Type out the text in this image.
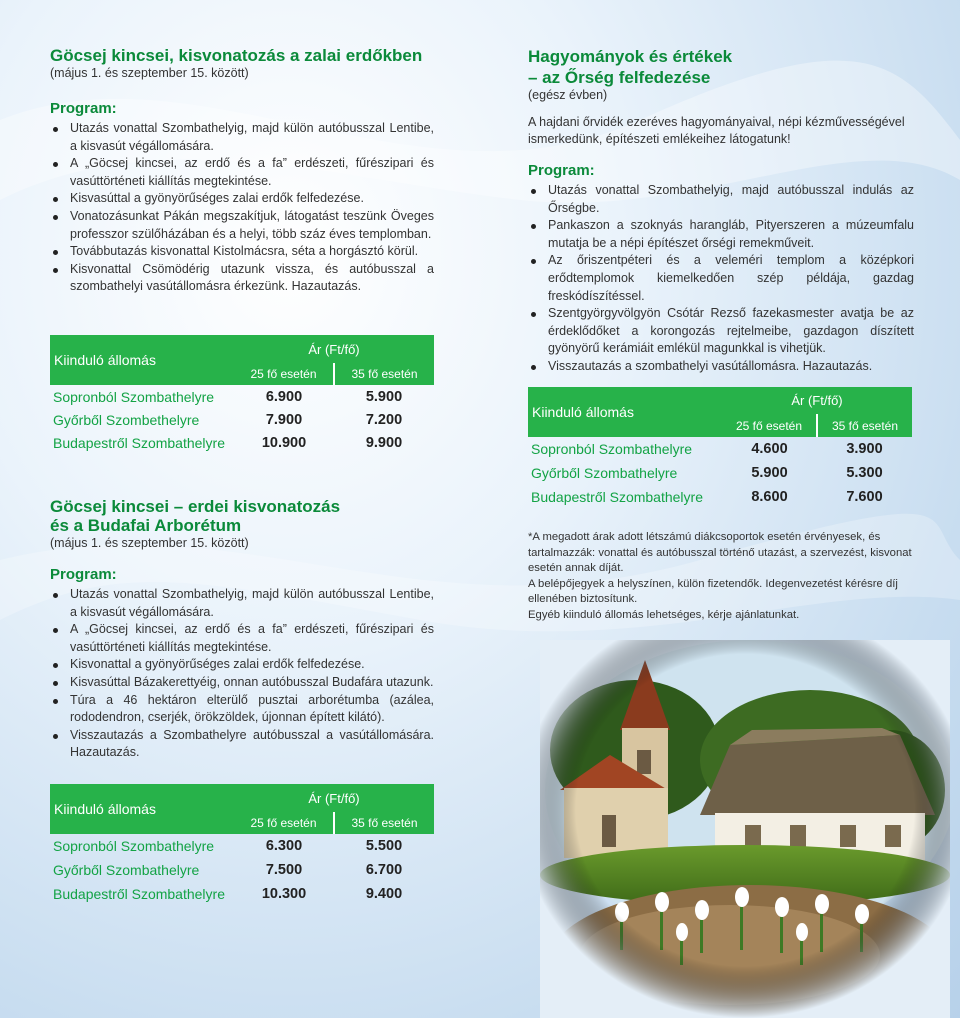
Göcsej kincsei, kisvonatozás a zalai erdőkben
(május 1. és szeptember 15. között)
Program:
Utazás vonattal Szombathelyig, majd külön autóbusszal Lentibe, a kisvasút végállomására.
A „Göcsej kincsei, az erdő és a fa” erdészeti, fűrészipari és vasúttörténeti kiállítás megtekintése.
Kisvasúttal a gyönyörűséges zalai erdők felfedezése.
Vonatozásunkat Pákán megszakítjuk, látogatást teszünk Öveges professzor szülőházában és a helyi, több száz éves templomban.
Továbbutazás kisvonattal Kistolmácsra, séta a horgásztó körül.
Kisvonattal Csömödérig utazunk vissza, és autóbusszal a szombathelyi vasútállomásra érkezünk. Hazautazás.
Kiinduló állomás	Ár (Ft/fő)	
	25 fő esetén	35 fő esetén
Sopronból Szombathelyre	6.900	5.900
Győrből Szombethelyre	7.900	7.200
Budapestről Szombathelyre	10.900	9.900
Göcsej kincsei – erdei kisvonatozás
és a Budafai Arborétum
(május 1. és szeptember 15. között)
Program:
Utazás vonattal Szombathelyig, majd külön autóbusszal Lentibe, a kisvasút végállomására.
A „Göcsej kincsei, az erdő és a fa” erdészeti, fűrészipari és vasúttörténeti kiállítás megtekintése.
Kisvonattal a gyönyörűséges zalai erdők felfedezése.
Kisvasúttal Bázakerettyéig, onnan autóbusszal Budafára utazunk.
Túra a 46 hektáron elterülő pusztai arborétumba (azálea, rododendron, cserjék, örökzöldek, újonnan épített kilátó).
Visszautazás a Szombathelyre autóbusszal a vasútállomására. Hazautazás.
Kiinduló állomás	Ár (Ft/fő)	
	25 fő esetén	35 fő esetén
Sopronból Szombathelyre	6.300	5.500
Győrből Szombathelyre	7.500	6.700
Budapestről Szombathelyre	10.300	9.400
Hagyományok és értékek
– az Őrség felfedezése
(egész évben)
A hajdani őrvidék ezeréves hagyományaival, népi kézművességével ismerkedünk, építészeti emlékeihez látogatunk!
Program:
Utazás vonattal Szombathelyig, majd autóbusszal indulás az Őrségbe.
Pankaszon a szoknyás harangláb, Pityerszeren a múzeumfalu mutatja be a népi építészet őrségi remekműveit.
Az őriszentpéteri és a veleméri templom a középkori erődtemplomok kiemelkedően szép példája, gazdag freskódíszítéssel.
Szentgyörgyvölgyön Csótár Rezső fazekasmester avatja be az érdeklődőket a korongozás rejtelmeibe, gazdagon díszített gyönyörű kerámiáit emlékül magunkkal is vihetjük.
Visszautazás a szombathelyi vasútállomásra. Hazautazás.
Kiinduló állomás	Ár (Ft/fő)	
	25 fő esetén	35 fő esetén
Sopronból Szombathelyre	4.600	3.900
Győrből Szombathelyre	5.900	5.300
Budapestről Szombathelyre	8.600	7.600

*A megadott árak adott létszámú diákcsoportok esetén érvényesek, és tartalmazzák: vonattal és autóbusszal történő utazást, a szervezést, kisvonat esetén annak díját.

A belépőjegyek a helyszínen, külön fizetendők. Idegenvezetést kérésre díj ellenében biztosítunk.

Egyéb kiinduló állomás lehetséges, kérje ajánlatunkat.
